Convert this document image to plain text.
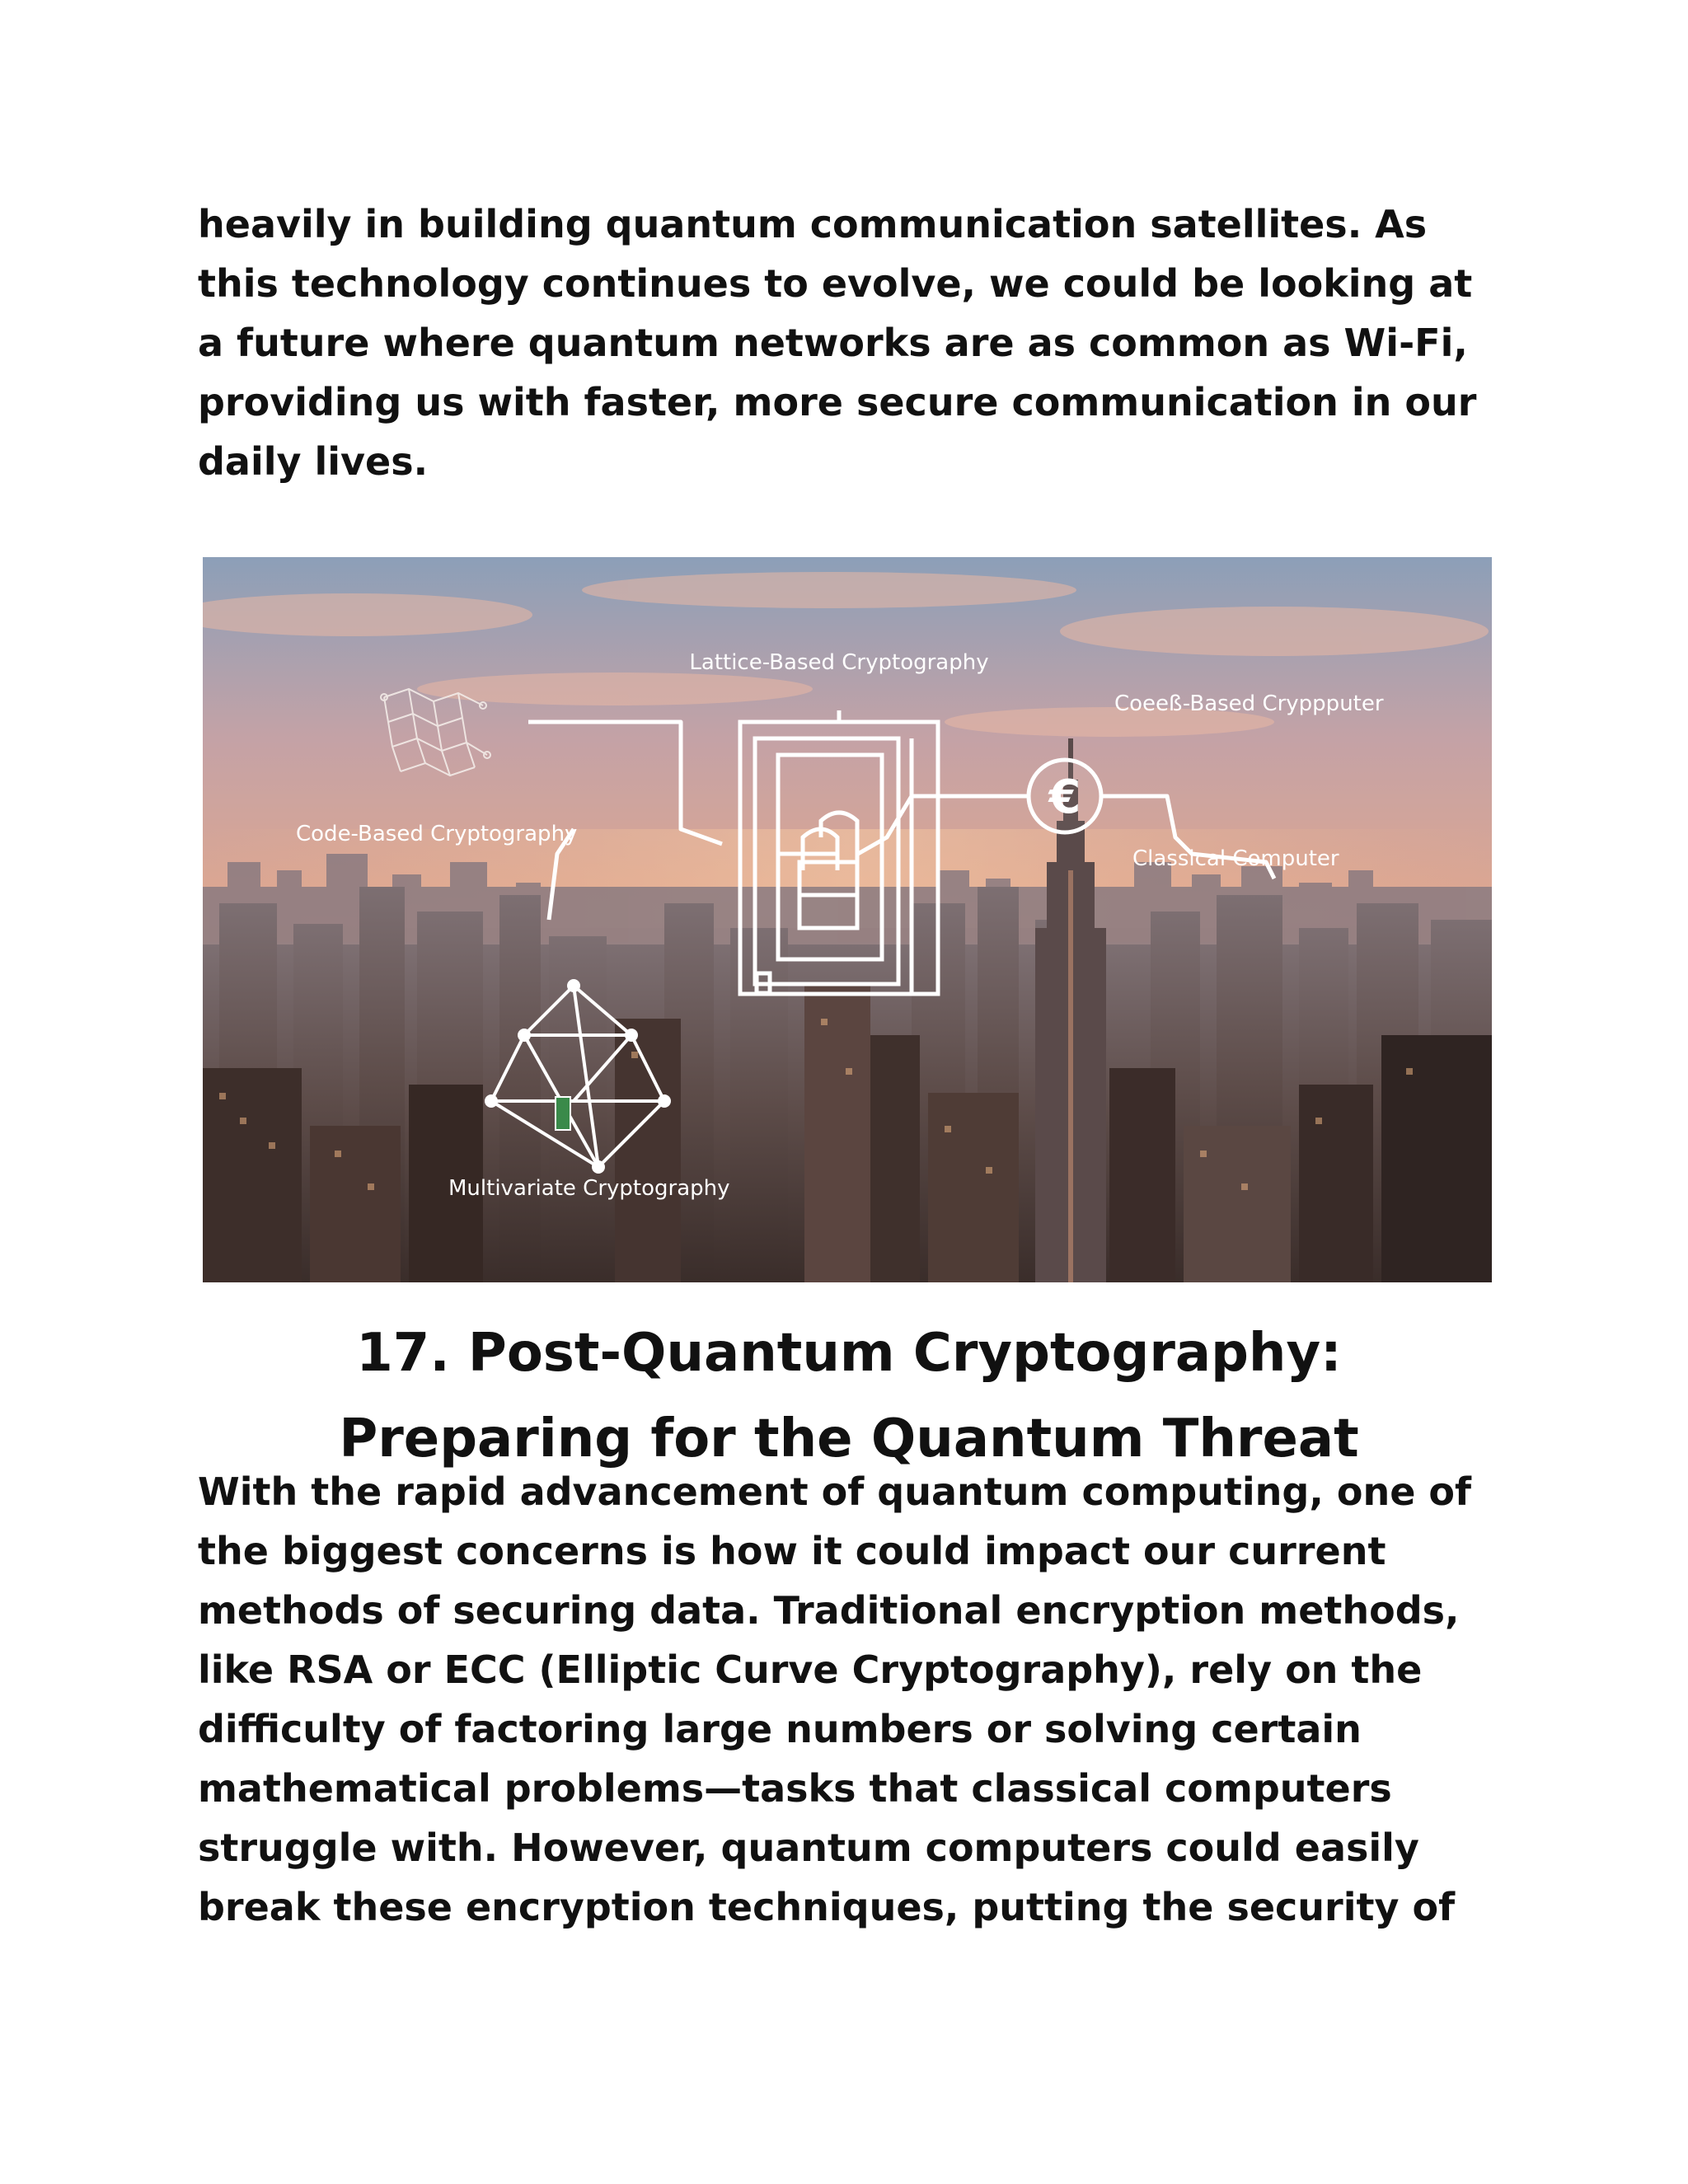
heavily in building quantum communication satellites. As this technology continues to evolve, we could be looking at a future where quantum networks are as common as Wi-Fi, providing us with faster, more secure communication in our daily lives.

€
Lattice-Based Cryptography
Code-Based Cryptography
Coeeß-Based Cryppputer
Classical Computer
Multivariate Cryptography
17. Post-Quantum Cryptography:
Preparing for the Quantum Threat

With the rapid advancement of quantum computing, one of the biggest concerns is how it could impact our current methods of securing data. Traditional encryption methods, like RSA or ECC (Elliptic Curve Cryptography), rely on the difficulty of factoring large numbers or solving certain mathematical problems—tasks that classical computers struggle with. However, quantum computers could easily break these encryption techniques, putting the security of
